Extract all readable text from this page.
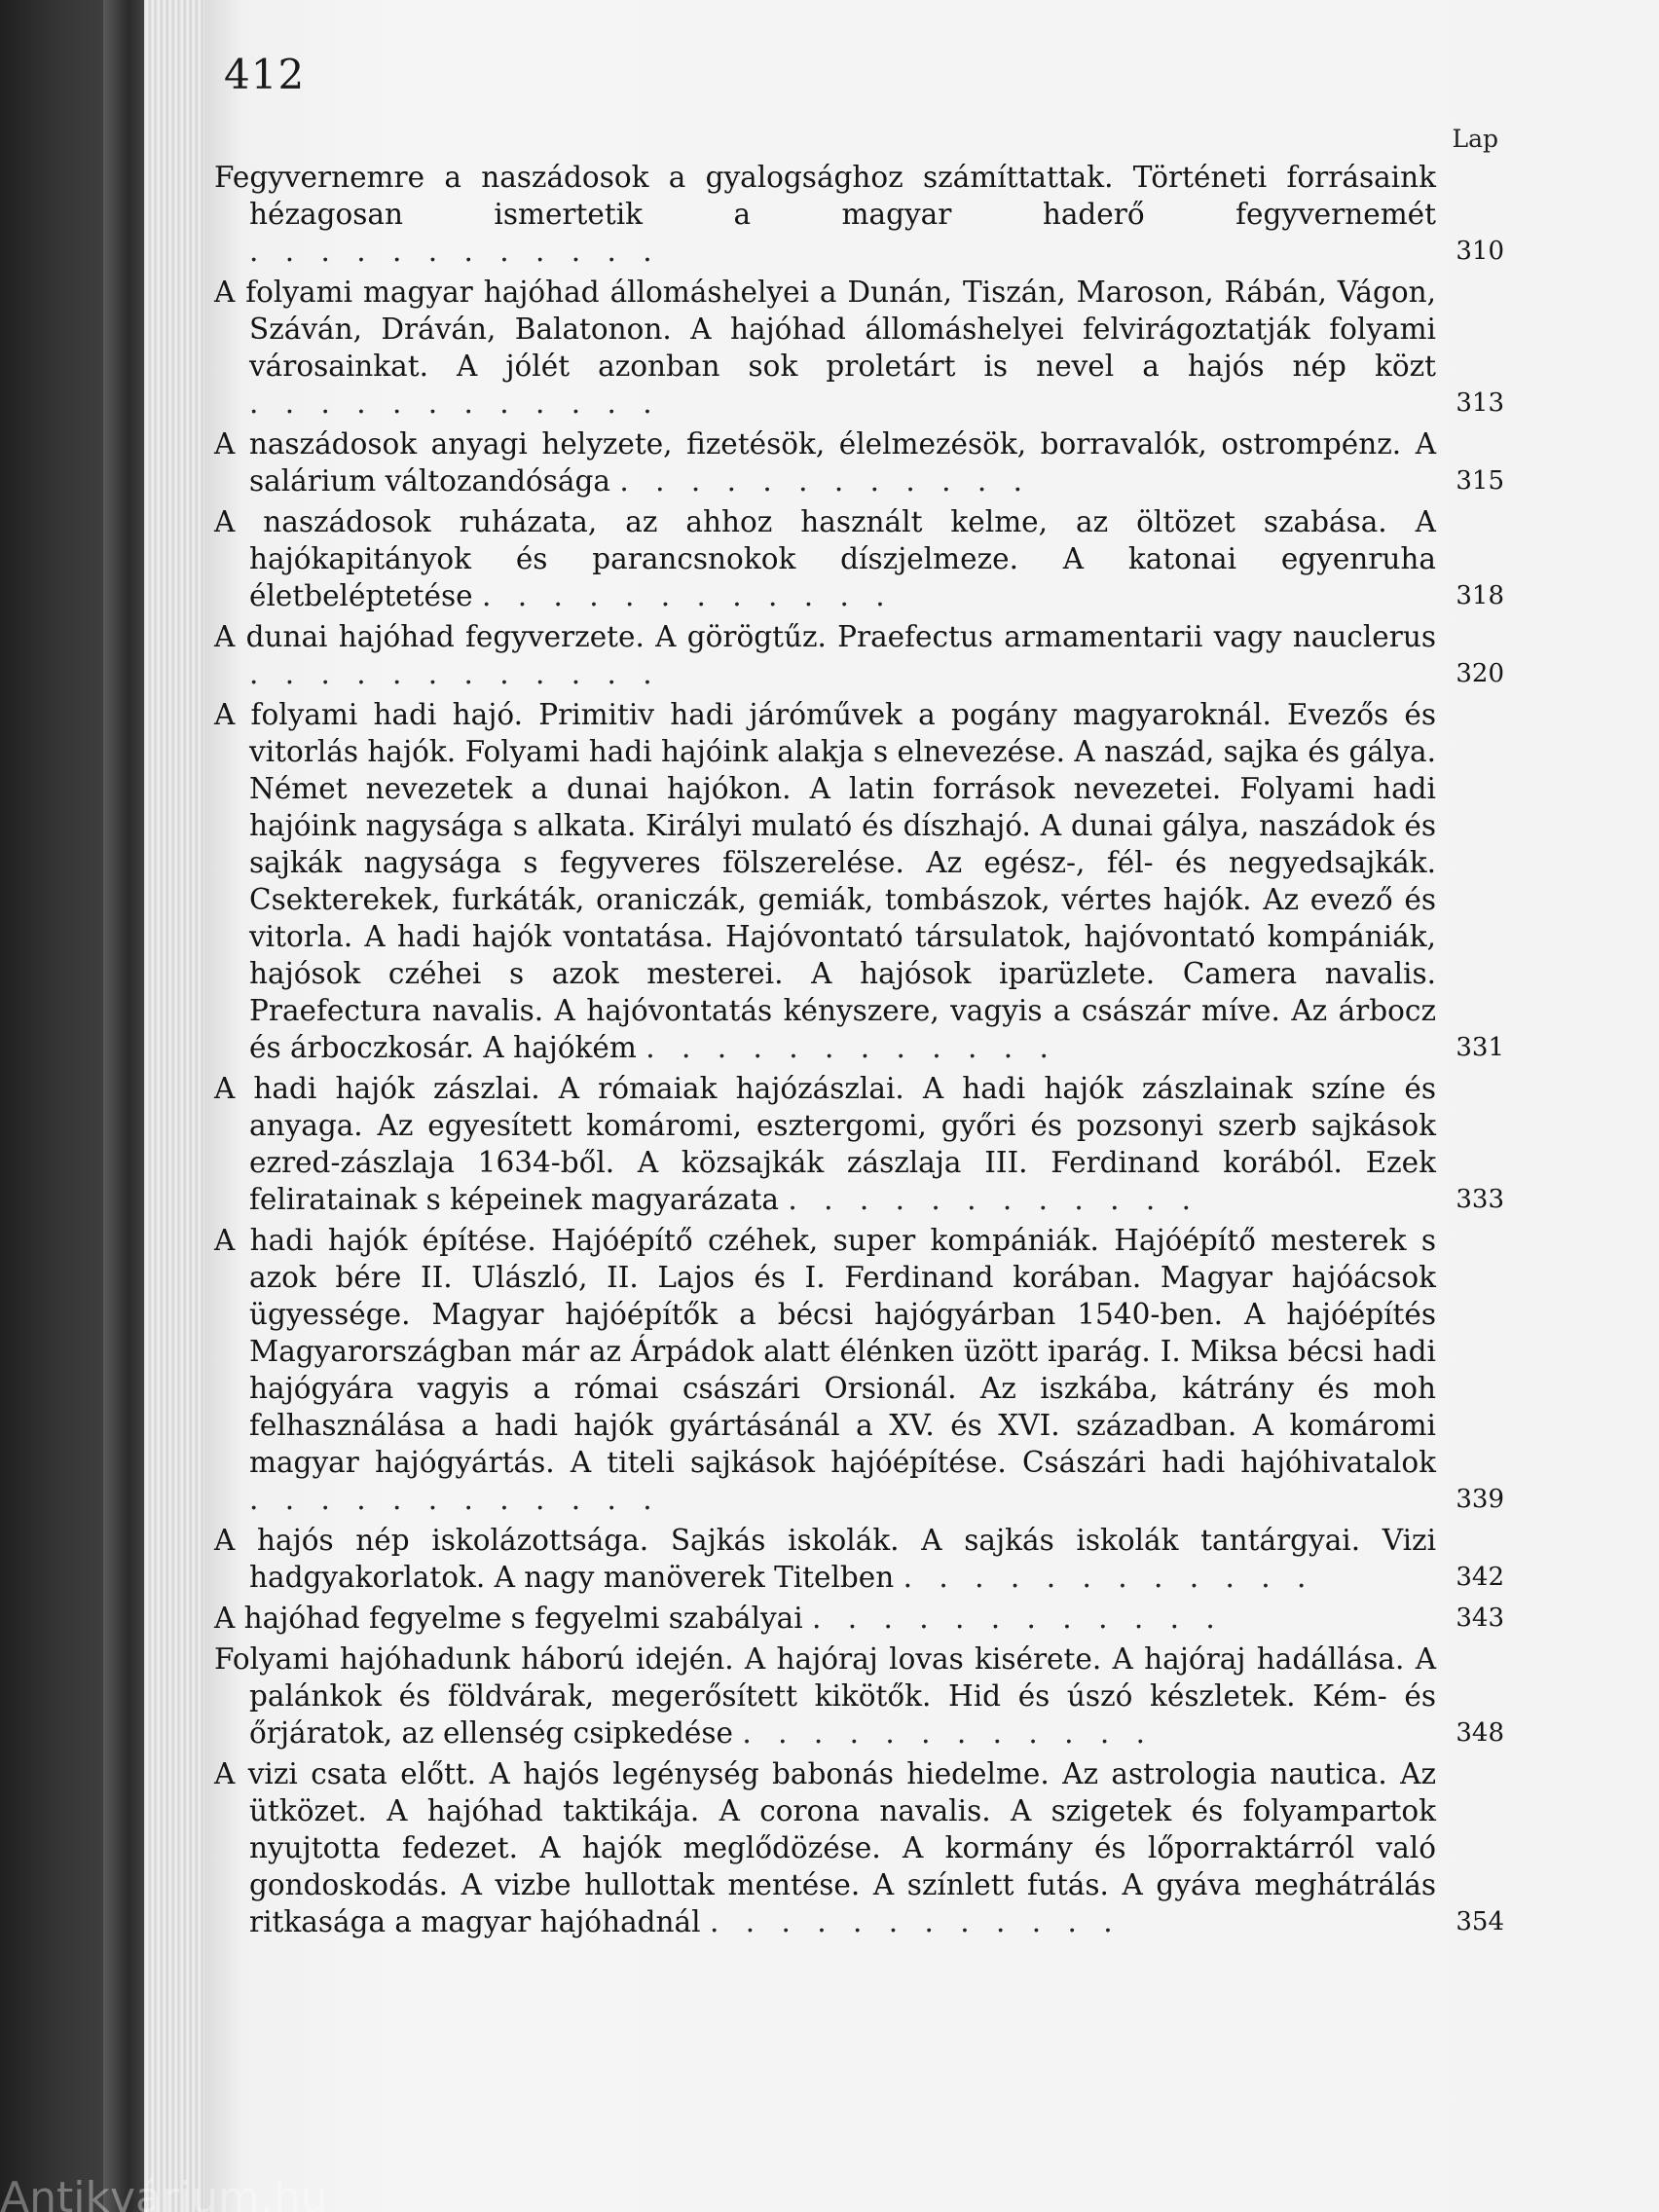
412
Lap
Fegyvernemre a naszádosok a gyalogsághoz számíttattak. Történeti forrásaink hézagosan ismertetik a magyar haderő fegyvernemét . . . . . . . . . . . .	310
A folyami magyar hajóhad állomáshelyei a Dunán, Tiszán, Maroson, Rábán, Vágon, Száván, Dráván, Balatonon. A hajóhad állomáshelyei felvirágoztatják folyami városainkat. A jólét azonban sok proletárt is nevel a hajós nép közt . . . . . . . . . . . .	313
A naszádosok anyagi helyzete, fizetésök, élelmezésök, borravalók, ostrompénz. A salárium változandósága . . . . . . . . . . . .	315
A naszádosok ruházata, az ahhoz használt kelme, az öltözet szabása. A hajókapitányok és parancsnokok díszjelmeze. A katonai egyenruha életbeléptetése . . . . . . . . . . . .	318
A dunai hajóhad fegyverzete. A görögtűz. Praefectus armamentarii vagy nauclerus . . . . . . . . . . . .	320
A folyami hadi hajó. Primitiv hadi járóművek a pogány magyaroknál. Evezős és vitorlás hajók. Folyami hadi hajóink alakja s elnevezése. A naszád, sajka és gálya. Német nevezetek a dunai hajókon. A latin források nevezetei. Folyami hadi hajóink nagysága s alkata. Királyi mulató és díszhajó. A dunai gálya, naszádok és sajkák nagysága s fegyveres fölszerelése. Az egész-, fél- és negyedsajkák. Csekterekek, furkáták, oraniczák, gemiák, tombászok, vértes hajók. Az evező és vitorla. A hadi hajók vontatása. Hajóvontató társulatok, hajóvontató kompániák, hajósok czéhei s azok mesterei. A hajósok iparüzlete. Camera navalis. Praefectura navalis. A hajóvontatás kényszere, vagyis a császár míve. Az árbocz és árboczkosár. A hajókém . . . . . . . . . . . .	331
A hadi hajók zászlai. A rómaiak hajózászlai. A hadi hajók zászlainak színe és anyaga. Az egyesített komáromi, esztergomi, győri és pozsonyi szerb sajkások ezred-zászlaja 1634-ből. A közsajkák zászlaja III. Ferdinand korából. Ezek feliratainak s képeinek magyarázata . . . . . . . . . . . .	333
A hadi hajók építése. Hajóépítő czéhek, super kompániák. Hajóépítő mesterek s azok bére II. Ulászló, II. Lajos és I. Ferdinand korában. Magyar hajóácsok ügyessége. Magyar hajóépítők a bécsi hajógyárban 1540-ben. A hajóépítés Magyarországban már az Árpádok alatt élénken üzött iparág. I. Miksa bécsi hadi hajógyára vagyis a római császári Orsionál. Az iszkába, kátrány és moh felhasználása a hadi hajók gyártásánál a XV. és XVI. században. A komáromi magyar hajógyártás. A titeli sajkások hajóépítése. Császári hadi hajóhivatalok . . . . . . . . . . . .	339
A hajós nép iskolázottsága. Sajkás iskolák. A sajkás iskolák tantárgyai. Vizi hadgyakorlatok. A nagy manöverek Titelben . . . . . . . . . . . .	342
A hajóhad fegyelme s fegyelmi szabályai . . . . . . . . . . . .	343
Folyami hajóhadunk háború idején. A hajóraj lovas kisérete. A hajóraj hadállása. A palánkok és földvárak, megerősített kikötők. Hid és úszó készletek. Kém- és őrjáratok, az ellenség csipkedése . . . . . . . . . . . .	348
A vizi csata előtt. A hajós legénység babonás hiedelme. Az astrologia nautica. Az ütközet. A hajóhad taktikája. A corona navalis. A szigetek és folyampartok nyujtotta fedezet. A hajók meglődözése. A kormány és lőporraktárról való gondoskodás. A vizbe hullottak mentése. A színlett futás. A gyáva meghátrálás ritkasága a magyar hajóhadnál . . . . . . . . . . . .	354
Antikvárium.hu
